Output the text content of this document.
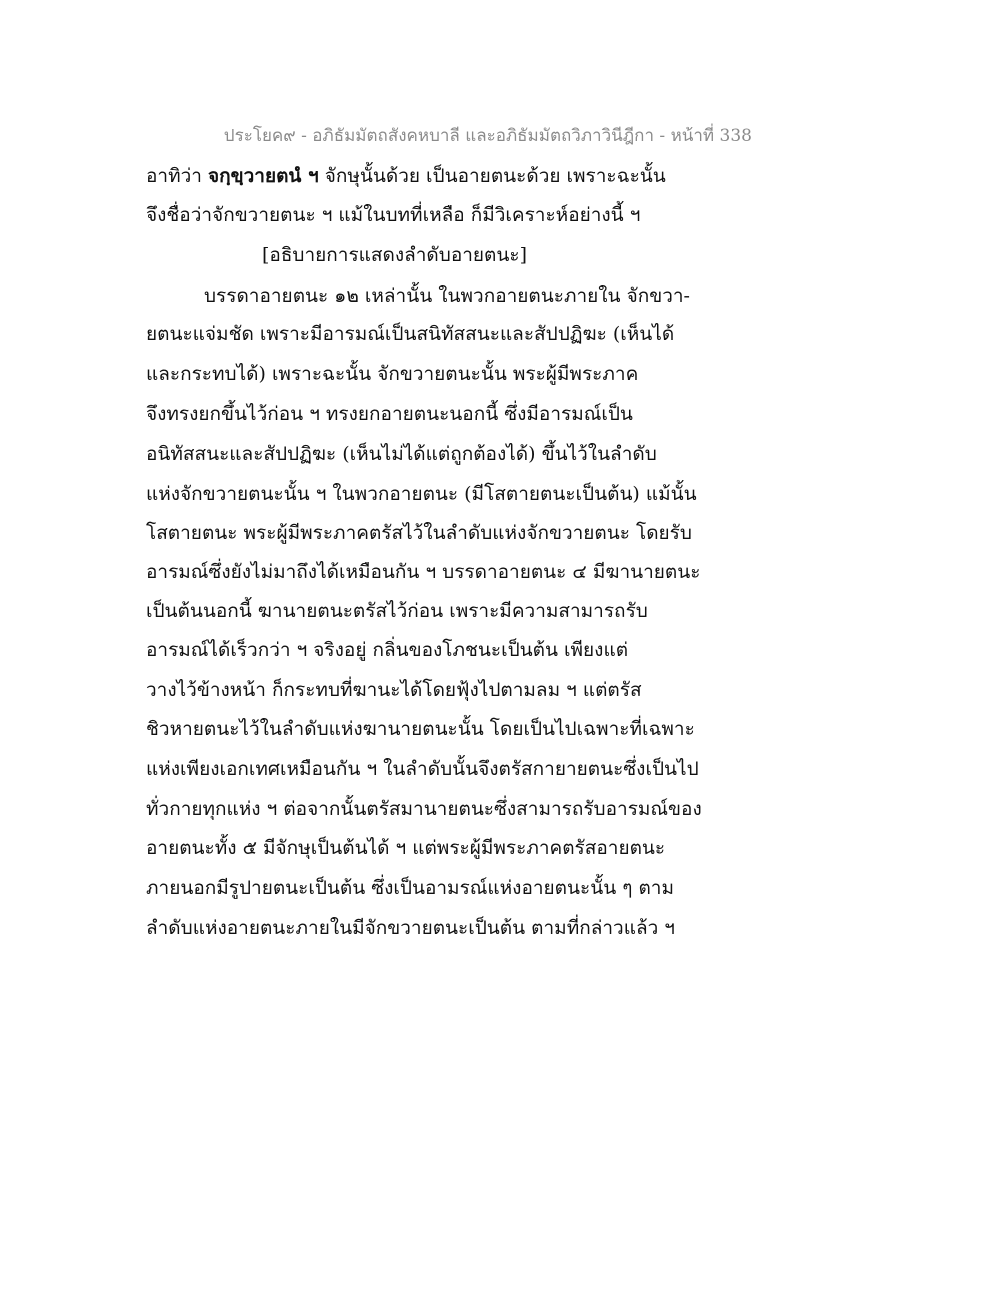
ประโยค๙ - อภิธัมมัตถสังคหบาลี และอภิธัมมัตถวิภาวินีฎีกา - หน้าที่ 338
อาทิว่า จกฺขฺวายตนํ ฯ จักษุนั้นด้วย เป็นอายตนะด้วย เพราะฉะนั้น
จึงชื่อว่าจักขวายตนะ ฯ แม้ในบทที่เหลือ ก็มีวิเคราะห์อย่างนี้ ฯ
[อธิบายการแสดงลำดับอายตนะ]
บรรดาอายตนะ ๑๒ เหล่านั้น ในพวกอายตนะภายใน จักขวา-
ยตนะแจ่มชัด เพราะมีอารมณ์เป็นสนิทัสสนะและสัปปฏิฆะ (เห็นได้
และกระทบได้) เพราะฉะนั้น จักขวายตนะนั้น พระผู้มีพระภาค
จึงทรงยกขึ้นไว้ก่อน ฯ ทรงยกอายตนะนอกนี้ ซึ่งมีอารมณ์เป็น
อนิทัสสนะและสัปปฏิฆะ (เห็นไม่ได้แต่ถูกต้องได้) ขึ้นไว้ในลำดับ
แห่งจักขวายตนะนั้น ฯ ในพวกอายตนะ (มีโสตายตนะเป็นต้น) แม้นั้น
โสตายตนะ พระผู้มีพระภาคตรัสไว้ในลำดับแห่งจักขวายตนะ โดยรับ
อารมณ์ซึ่งยังไม่มาถึงได้เหมือนกัน ฯ บรรดาอายตนะ ๔ มีฆานายตนะ
เป็นต้นนอกนี้ ฆานายตนะตรัสไว้ก่อน เพราะมีความสามารถรับ
อารมณ์ได้เร็วกว่า ฯ จริงอยู่ กลิ่นของโภชนะเป็นต้น เพียงแต่
วางไว้ข้างหน้า ก็กระทบที่ฆานะได้โดยฟุ้งไปตามลม ฯ แต่ตรัส
ชิวหายตนะไว้ในลำดับแห่งฆานายตนะนั้น โดยเป็นไปเฉพาะที่เฉพาะ
แห่งเพียงเอกเทศเหมือนกัน ฯ ในลำดับนั้นจึงตรัสกายายตนะซึ่งเป็นไป
ทั่วกายทุกแห่ง ฯ ต่อจากนั้นตรัสมานายตนะซึ่งสามารถรับอารมณ์ของ
อายตนะทั้ง ๕ มีจักษุเป็นต้นได้ ฯ แต่พระผู้มีพระภาคตรัสอายตนะ
ภายนอกมีรูปายตนะเป็นต้น ซึ่งเป็นอามรณ์แห่งอายตนะนั้น ๆ ตาม
ลำดับแห่งอายตนะภายในมีจักขวายตนะเป็นต้น ตามที่กล่าวแล้ว ฯ
